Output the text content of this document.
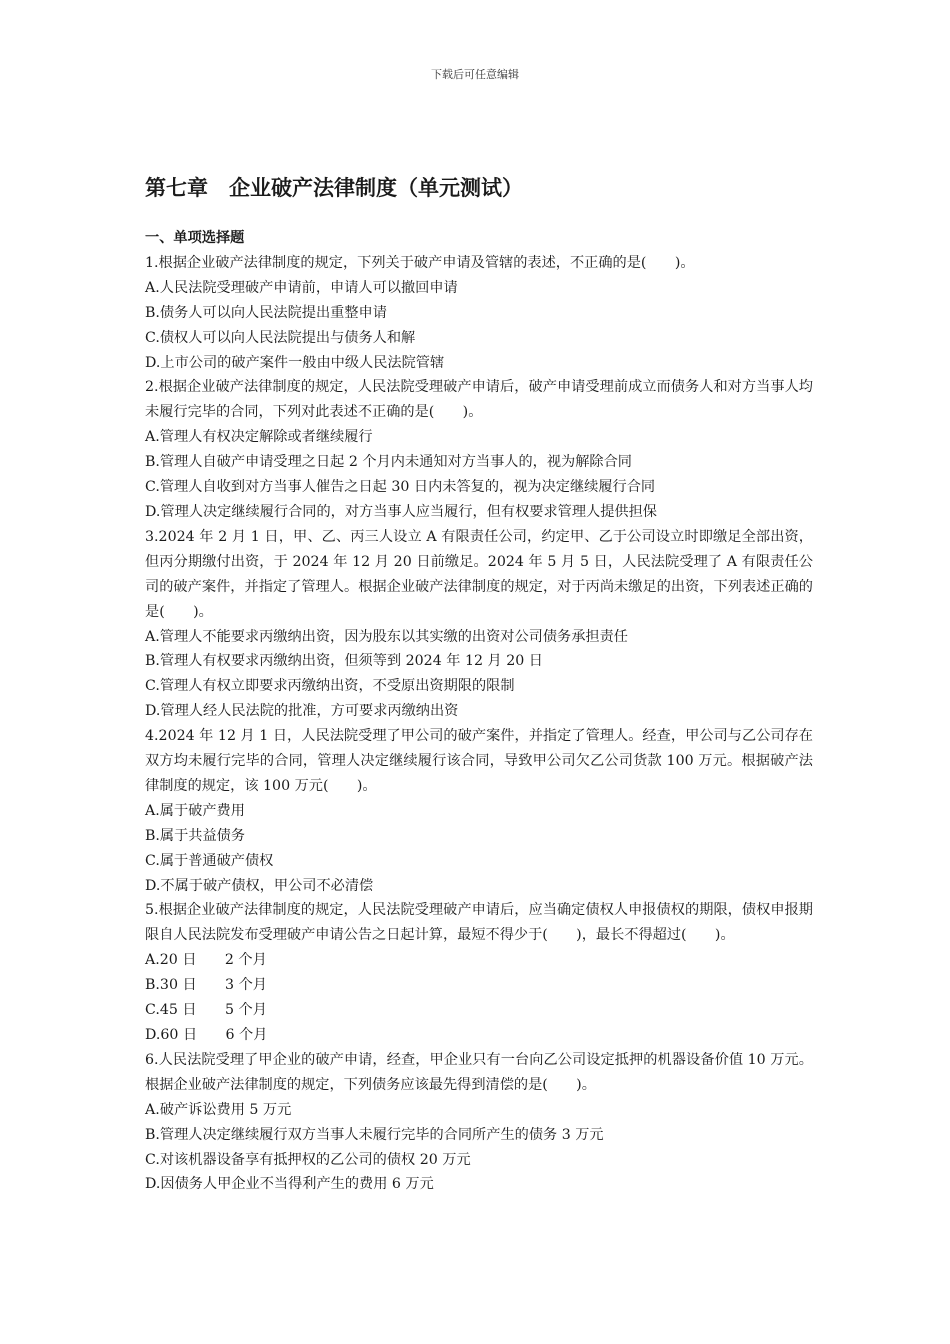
下载后可任意编辑
第七章　企业破产法律制度（单元测试）

一、单项选择题

1.根据企业破产法律制度的规定，下列关于破产申请及管辖的表述，不正确的是(　　)。

A.人民法院受理破产申请前，申请人可以撤回申请

B.债务人可以向人民法院提出重整申请

C.债权人可以向人民法院提出与债务人和解

D.上市公司的破产案件一般由中级人民法院管辖

2.根据企业破产法律制度的规定，人民法院受理破产申请后，破产申请受理前成立而债务人和对方当事人均未履行完毕的合同，下列对此表述不正确的是(　　)。

A.管理人有权决定解除或者继续履行

B.管理人自破产申请受理之日起 2 个月内未通知对方当事人的，视为解除合同

C.管理人自收到对方当事人催告之日起 30 日内未答复的，视为决定继续履行合同

D.管理人决定继续履行合同的，对方当事人应当履行，但有权要求管理人提供担保

3.2024 年 2 月 1 日，甲、乙、丙三人设立 A 有限责任公司，约定甲、乙于公司设立时即缴足全部出资，但丙分期缴付出资，于 2024 年 12 月 20 日前缴足。2024 年 5 月 5 日，人民法院受理了 A 有限责任公司的破产案件，并指定了管理人。根据企业破产法律制度的规定，对于丙尚未缴足的出资，下列表述正确的是(　　)。

A.管理人不能要求丙缴纳出资，因为股东以其实缴的出资对公司债务承担责任

B.管理人有权要求丙缴纳出资，但须等到 2024 年 12 月 20 日

C.管理人有权立即要求丙缴纳出资，不受原出资期限的限制

D.管理人经人民法院的批准，方可要求丙缴纳出资

4.2024 年 12 月 1 日，人民法院受理了甲公司的破产案件，并指定了管理人。经查，甲公司与乙公司存在双方均未履行完毕的合同，管理人决定继续履行该合同，导致甲公司欠乙公司货款 100 万元。根据破产法律制度的规定，该 100 万元(　　)。

A.属于破产费用

B.属于共益债务

C.属于普通破产债权

D.不属于破产债权，甲公司不必清偿

5.根据企业破产法律制度的规定，人民法院受理破产申请后，应当确定债权人申报债权的期限，债权申报期限自人民法院发布受理破产申请公告之日起计算，最短不得少于(　　)，最长不得超过(　　)。

A.20 日　　2 个月

B.30 日　　3 个月

C.45 日　　5 个月

D.60 日　　6 个月

6.人民法院受理了甲企业的破产申请，经查，甲企业只有一台向乙公司设定抵押的机器设备价值 10 万元。根据企业破产法律制度的规定，下列债务应该最先得到清偿的是(　　)。

A.破产诉讼费用 5 万元

B.管理人决定继续履行双方当事人未履行完毕的合同所产生的债务 3 万元

C.对该机器设备享有抵押权的乙公司的债权 20 万元

D.因债务人甲企业不当得利产生的费用 6 万元
